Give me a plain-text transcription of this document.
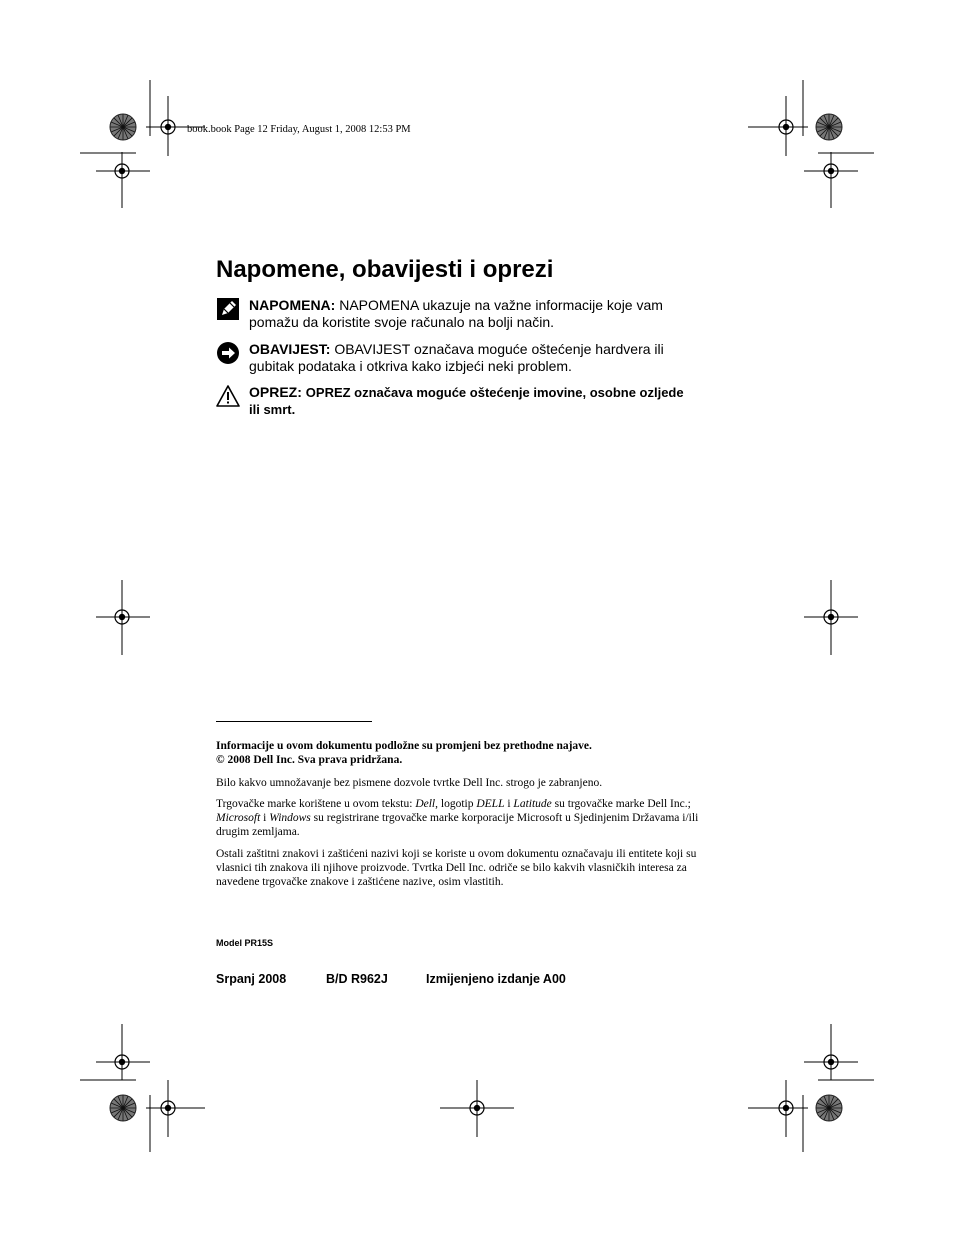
book.book Page 12 Friday, August 1, 2008 12:53 PM
Napomene, obavijesti i oprezi
NAPOMENA: NAPOMENA ukazuje na važne informacije koje vam pomažu da koristite svoje računalo na bolji način.
OBAVIJEST: OBAVIJEST označava moguće oštećenje hardvera ili gubitak podataka i otkriva kako izbjeći neki problem.
OPREZ: OPREZ označava moguće oštećenje imovine, osobne ozljede ili smrt.

Informacije u ovom dokumentu podložne su promjeni bez prethodne najave.

© 2008 Dell Inc. Sva prava pridržana.

Bilo kakvo umnožavanje bez pismene dozvole tvrtke Dell Inc. strogo je zabranjeno.

Trgovačke marke korištene u ovom tekstu: Dell, logotip DELL i Latitude su trgovačke marke Dell Inc.; Microsoft i Windows su registrirane trgovačke marke korporacije Microsoft u Sjedinjenim Državama i/ili drugim zemljama.

Ostali zaštitni znakovi i zaštićeni nazivi koji se koriste u ovom dokumentu označavaju ili entitete koji su vlasnici tih znakova ili njihove proizvode. Tvrtka Dell Inc. odriče se bilo kakvih vlasničkih interesa za navedene trgovačke znakove i zaštićene nazive, osim vlastitih.

Model PR15S
Srpanj 2008	B/D R962J	Izmijenjeno izdanje A00
